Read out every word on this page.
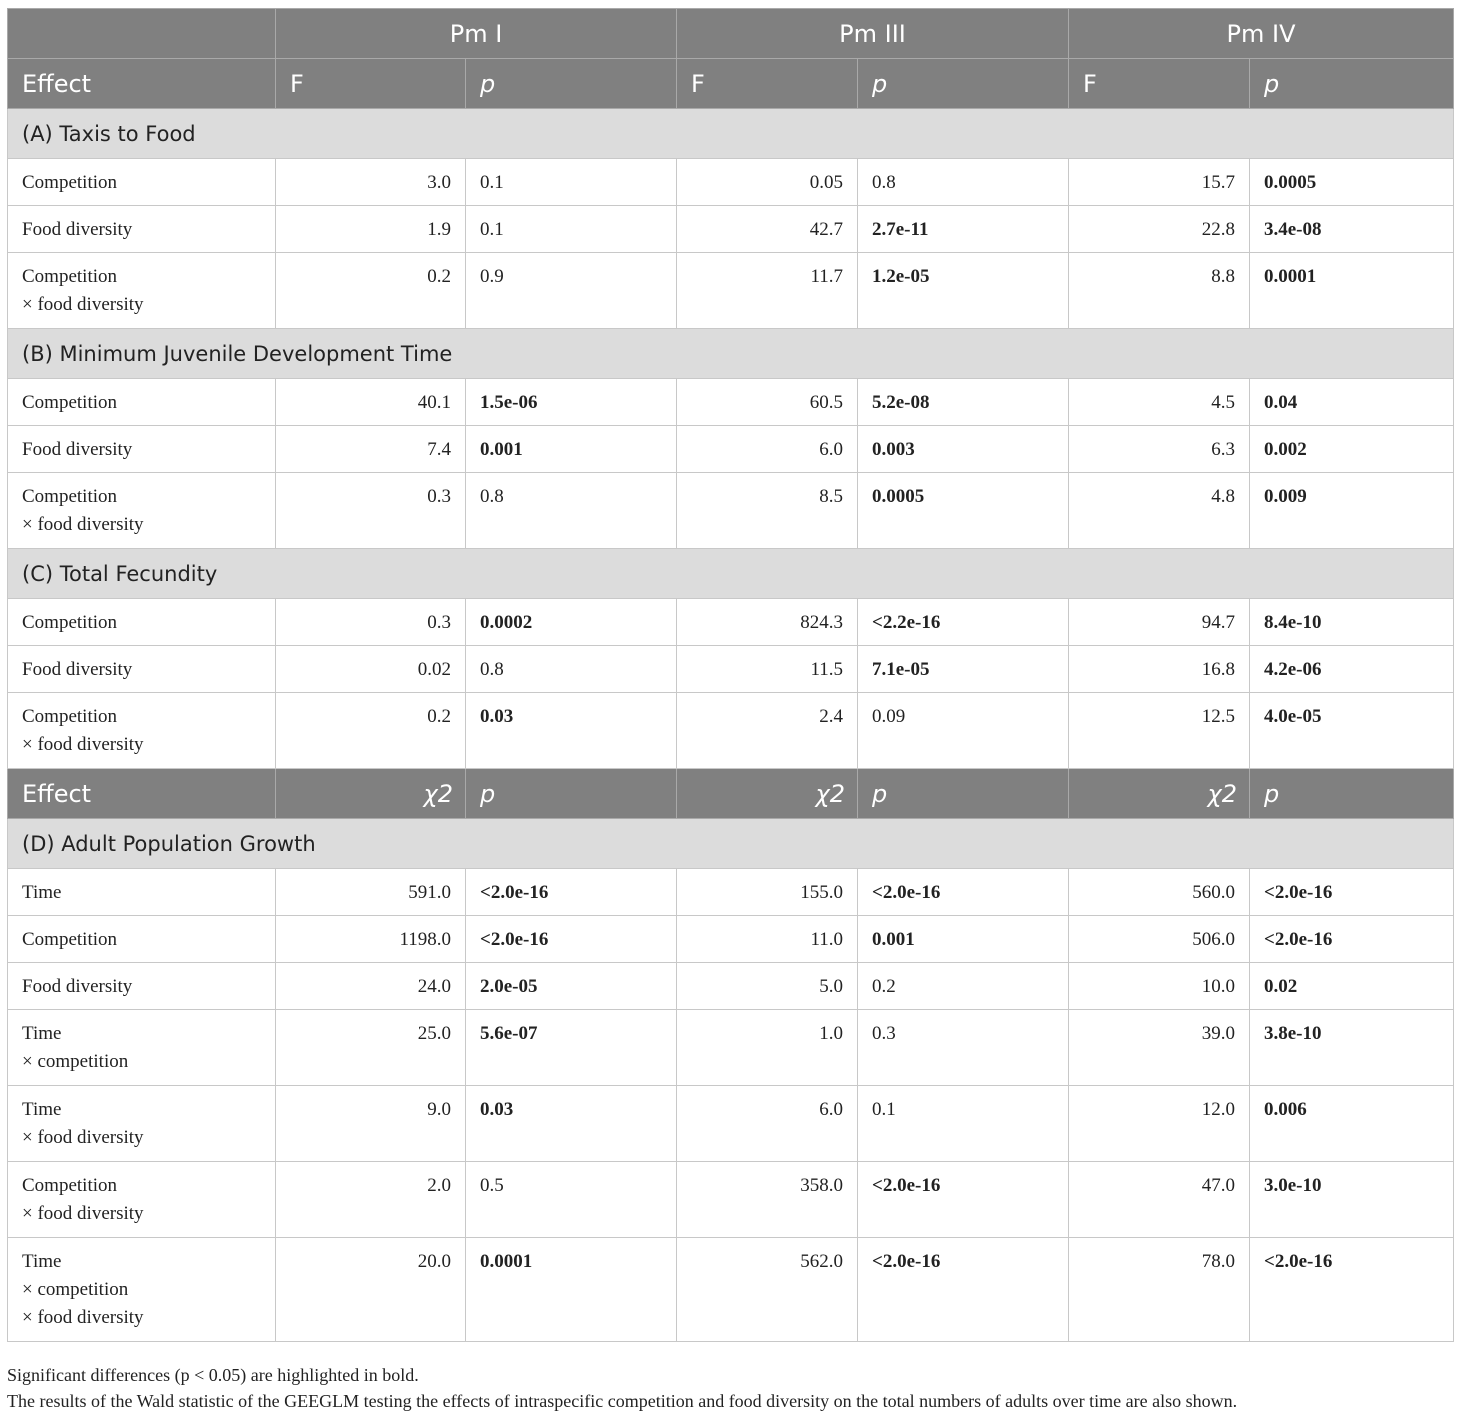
	Pm I		Pm III		Pm IV	
Effect	F	p	F	p	F	p
(A) Taxis to Food						

Competition	3.0	0.1	0.05	0.8	15.7	0.0005

Food diversity	1.9	0.1	42.7	2.7e-11	22.8	3.4e-08

Competition
× food diversity	0.2	0.9	11.7	1.2e-05	8.8	0.0001
(B) Minimum Juvenile Development Time						

Competition	40.1	1.5e-06	60.5	5.2e-08	4.5	0.04

Food diversity	7.4	0.001	6.0	0.003	6.3	0.002

Competition
× food diversity	0.3	0.8	8.5	0.0005	4.8	0.009
(C) Total Fecundity						

Competition	0.3	0.0002	824.3	<2.2e-16	94.7	8.4e-10

Food diversity	0.02	0.8	11.5	7.1e-05	16.8	4.2e-06

Competition
× food diversity	0.2	0.03	2.4	0.09	12.5	4.0e-05
Effect	χ2	p	χ2	p	χ2	p
(D) Adult Population Growth						

Time	591.0	<2.0e-16	155.0	<2.0e-16	560.0	<2.0e-16

Competition	1198.0	<2.0e-16	11.0	0.001	506.0	<2.0e-16

Food diversity	24.0	2.0e-05	5.0	0.2	10.0	0.02

Time
× competition	25.0	5.6e-07	1.0	0.3	39.0	3.8e-10

Time
× food diversity	9.0	0.03	6.0	0.1	12.0	0.006

Competition
× food diversity	2.0	0.5	358.0	<2.0e-16	47.0	3.0e-10

Time
× competition
× food diversity	20.0	0.0001	562.0	<2.0e-16	78.0	<2.0e-16
Significant differences (p < 0.05) are highlighted in bold.
The results of the Wald statistic of the GEEGLM testing the effects of intraspecific competition and food diversity on the total numbers of adults over time are also shown.
